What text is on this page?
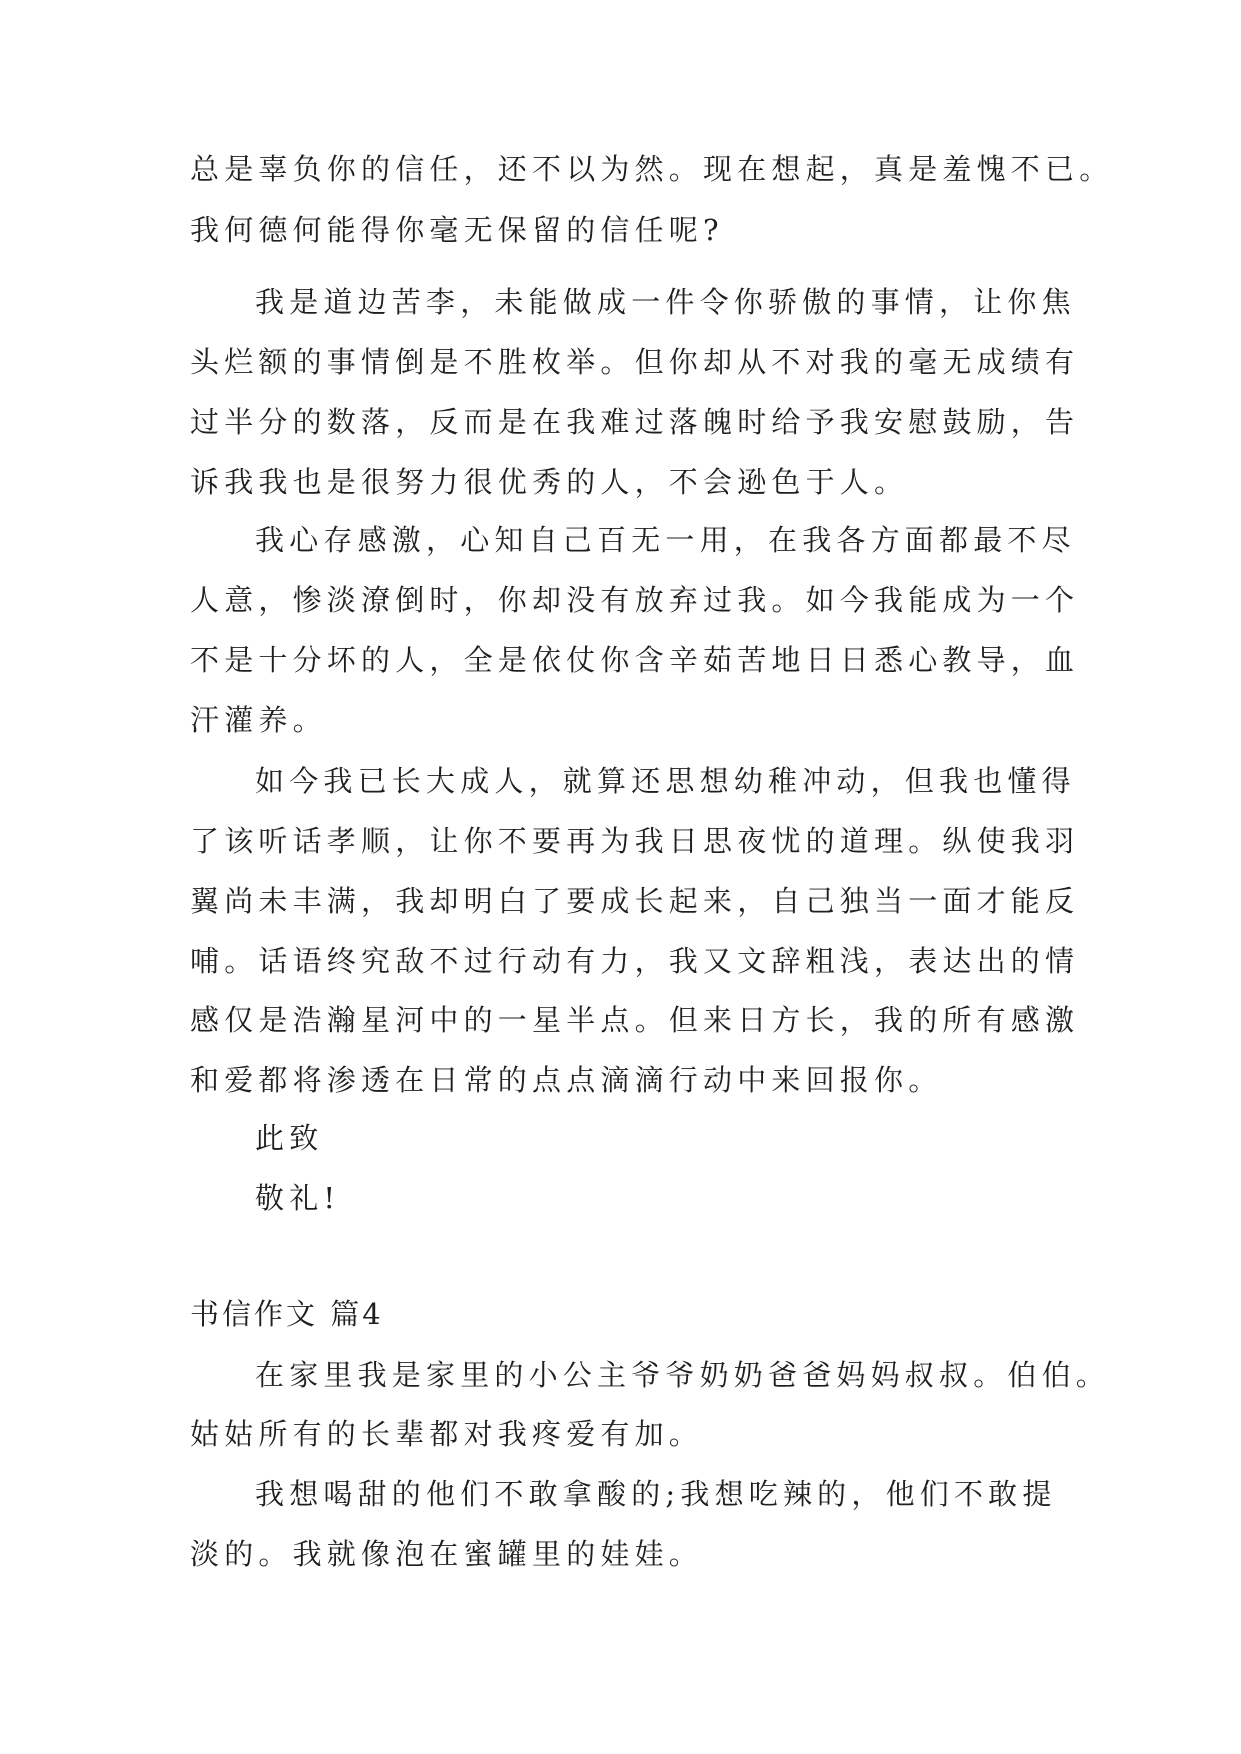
总是辜负你的信任，还不以为然。现在想起，真是羞愧不已。
我何德何能得你毫无保留的信任呢?
我是道边苦李，未能做成一件令你骄傲的事情，让你焦
头烂额的事情倒是不胜枚举。但你却从不对我的毫无成绩有
过半分的数落，反而是在我难过落魄时给予我安慰鼓励，告
诉我我也是很努力很优秀的人，不会逊色于人。
我心存感激，心知自己百无一用，在我各方面都最不尽
人意，惨淡潦倒时，你却没有放弃过我。如今我能成为一个
不是十分坏的人，全是依仗你含辛茹苦地日日悉心教导，血
汗灌养。
如今我已长大成人，就算还思想幼稚冲动，但我也懂得
了该听话孝顺，让你不要再为我日思夜忧的道理。纵使我羽
翼尚未丰满，我却明白了要成长起来，自己独当一面才能反
哺。话语终究敌不过行动有力，我又文辞粗浅，表达出的情
感仅是浩瀚星河中的一星半点。但来日方长，我的所有感激
和爱都将渗透在日常的点点滴滴行动中来回报你。
此致
敬礼!
书信作文 篇4
在家里我是家里的小公主爷爷奶奶爸爸妈妈叔叔。伯伯。
姑姑所有的长辈都对我疼爱有加。
我想喝甜的他们不敢拿酸的;我想吃辣的，他们不敢提
淡的。我就像泡在蜜罐里的娃娃。
